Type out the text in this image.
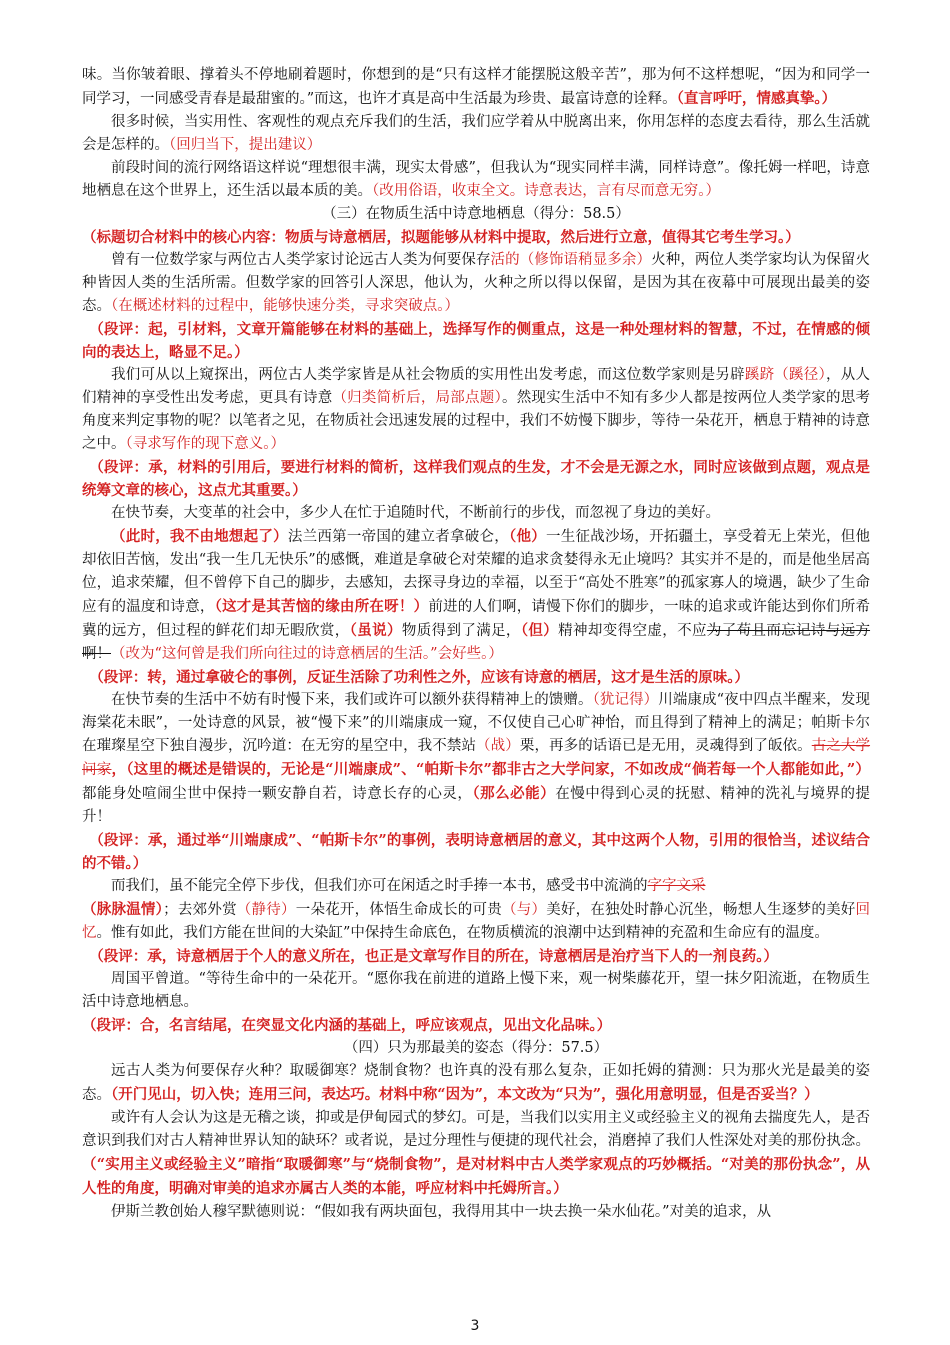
味。当你皱着眼、撑着头不停地刷着题时，你想到的是“只有这样才能摆脱这般辛苦”，那为何不这样想呢，“因为和同学一同学习，一同感受青春是最甜蜜的。”而这，也许才真是高中生活最为珍贵、最富诗意的诠释。（直言呼吁，情感真挚。）

很多时候，当实用性、客观性的观点充斥我们的生活，我们应学着从中脱离出来，你用怎样的态度去看待，那么生活就会是怎样的。（回归当下，提出建议）

前段时间的流行网络语这样说“理想很丰满，现实太骨感”，但我认为“现实同样丰满，同样诗意”。像托姆一样吧，诗意地栖息在这个世界上，还生活以最本质的美。（改用俗语，收束全文。诗意表达，言有尽而意无穷。）

（三）在物质生活中诗意地栖息（得分：58.5）

（标题切合材料中的核心内容：物质与诗意栖居，拟题能够从材料中提取，然后进行立意，值得其它考生学习。）

曾有一位数学家与两位古人类学家讨论远古人类为何要保存活的（修饰语稍显多余）火种，两位人类学家均认为保留火种皆因人类的生活所需。但数学家的回答引人深思，他认为，火种之所以得以保留，是因为其在夜幕中可展现出最美的姿态。（在概述材料的过程中，能够快速分类，寻求突破点。）

（段评：起，引材料，文章开篇能够在材料的基础上，选择写作的侧重点，这是一种处理材料的智慧，不过，在情感的倾向的表达上，略显不足。）

我们可从以上窥探出，两位古人类学家皆是从社会物质的实用性出发考虑，而这位数学家则是另辟蹊跻（蹊径），从人们精神的享受性出发考虑，更具有诗意（归类简析后，局部点题）。然现实生活中不知有多少人都是按两位人类学家的思考角度来判定事物的呢？以笔者之见，在物质社会迅速发展的过程中，我们不妨慢下脚步，等待一朵花开，栖息于精神的诗意之中。（寻求写作的现下意义。）

（段评：承，材料的引用后，要进行材料的简析，这样我们观点的生发，才不会是无源之水，同时应该做到点题，观点是统筹文章的核心，这点尤其重要。）

在快节奏，大变革的社会中，多少人在忙于追随时代，不断前行的步伐，而忽视了身边的美好。

（此时，我不由地想起了）法兰西第一帝国的建立者拿破仑，（他）一生征战沙场，开拓疆土，享受着无上荣光，但他却依旧苦恼，发出“我一生几无快乐”的感慨，难道是拿破仑对荣耀的追求贪婪得永无止境吗？其实并不是的，而是他坐居高位，追求荣耀，但不曾停下自己的脚步，去感知，去探寻身边的幸福，以至于“高处不胜寒”的孤家寡人的境遇，缺少了生命应有的温度和诗意，（这才是其苦恼的缘由所在呀！）前进的人们啊，请慢下你们的脚步，一味的追求或许能达到你们所希冀的远方，但过程的鲜花们却无暇欣赏，（虽说）物质得到了满足，（但）精神却变得空虚，不应为了苟且而忘记诗与远方啊！（改为“这何曾是我们所向往过的诗意栖居的生活。”会好些。）

（段评：转，通过拿破仑的事例，反证生活除了功利性之外，应该有诗意的栖居，这才是生活的原味。）

在快节奏的生活中不妨有时慢下来，我们或许可以额外获得精神上的馈赠。（犹记得）川端康成“夜中四点半醒来，发现海棠花未眠”，一处诗意的风景，被“慢下来”的川端康成一窥，不仅使自己心旷神怡，而且得到了精神上的满足；帕斯卡尔在璀璨星空下独自漫步，沉吟道：在无穷的星空中，我不禁站（战）栗，再多的话语已是无用，灵魂得到了皈依。古之大学问家，（这里的概述是错误的，无论是“川端康成”、“帕斯卡尔”都非古之大学问家，不如改成“倘若每一个人都能如此，”）都能身处喧闹尘世中保持一颗安静自若，诗意长存的心灵，（那么必能）在慢中得到心灵的抚慰、精神的洗礼与境界的提升！

（段评：承，通过举“川端康成”、“帕斯卡尔”的事例，表明诗意栖居的意义，其中这两个人物，引用的很恰当，述议结合的不错。）

而我们，虽不能完全停下步伐，但我们亦可在闲适之时手捧一本书，感受书中流淌的字字文采
（脉脉温情）；去郊外赏（静待）一朵花开，体悟生命成长的可贵（与）美好，在独处时静心沉坐，畅想人生逐梦的美好回忆。惟有如此，我们方能在世间的大染缸”中保持生命底色，在物质横流的浪潮中达到精神的充盈和生命应有的温度。

（段评：承，诗意栖居于个人的意义所在，也正是文章写作目的所在，诗意栖居是治疗当下人的一剂良药。）

周国平曾道。“等待生命中的一朵花开。“愿你我在前进的道路上慢下来，观一树柴藤花开，望一抹夕阳流逝，在物质生活中诗意地栖息。

（段评：合，名言结尾，在突显文化内涵的基础上，呼应该观点，见出文化品味。）

（四）只为那最美的姿态（得分：57.5）

远古人类为何要保存火种？取暖御寒？烧制食物？也许真的没有那么复杂，正如托姆的猜测：只为那火光是最美的姿态。（开门见山，切入快；连用三问，表达巧。材料中称“因为”，本文改为“只为”，强化用意明显，但是否妥当？）

或许有人会认为这是无稽之谈，抑或是伊甸园式的梦幻。可是，当我们以实用主义或经验主义的视角去揣度先人，是否意识到我们对古人精神世界认知的缺环？或者说，是过分理性与便捷的现代社会，消磨掉了我们人性深处对美的那份执念。（“实用主义或经验主义”暗指“取暖御寒”与“烧制食物”，是对材料中古人类学家观点的巧妙概括。“对美的那份执念”，从人性的角度，明确对审美的追求亦属古人类的本能，呼应材料中托姆所言。）

伊斯兰教创始人穆罕默德则说：“假如我有两块面包，我得用其中一块去换一朵水仙花。”对美的追求，从

3
